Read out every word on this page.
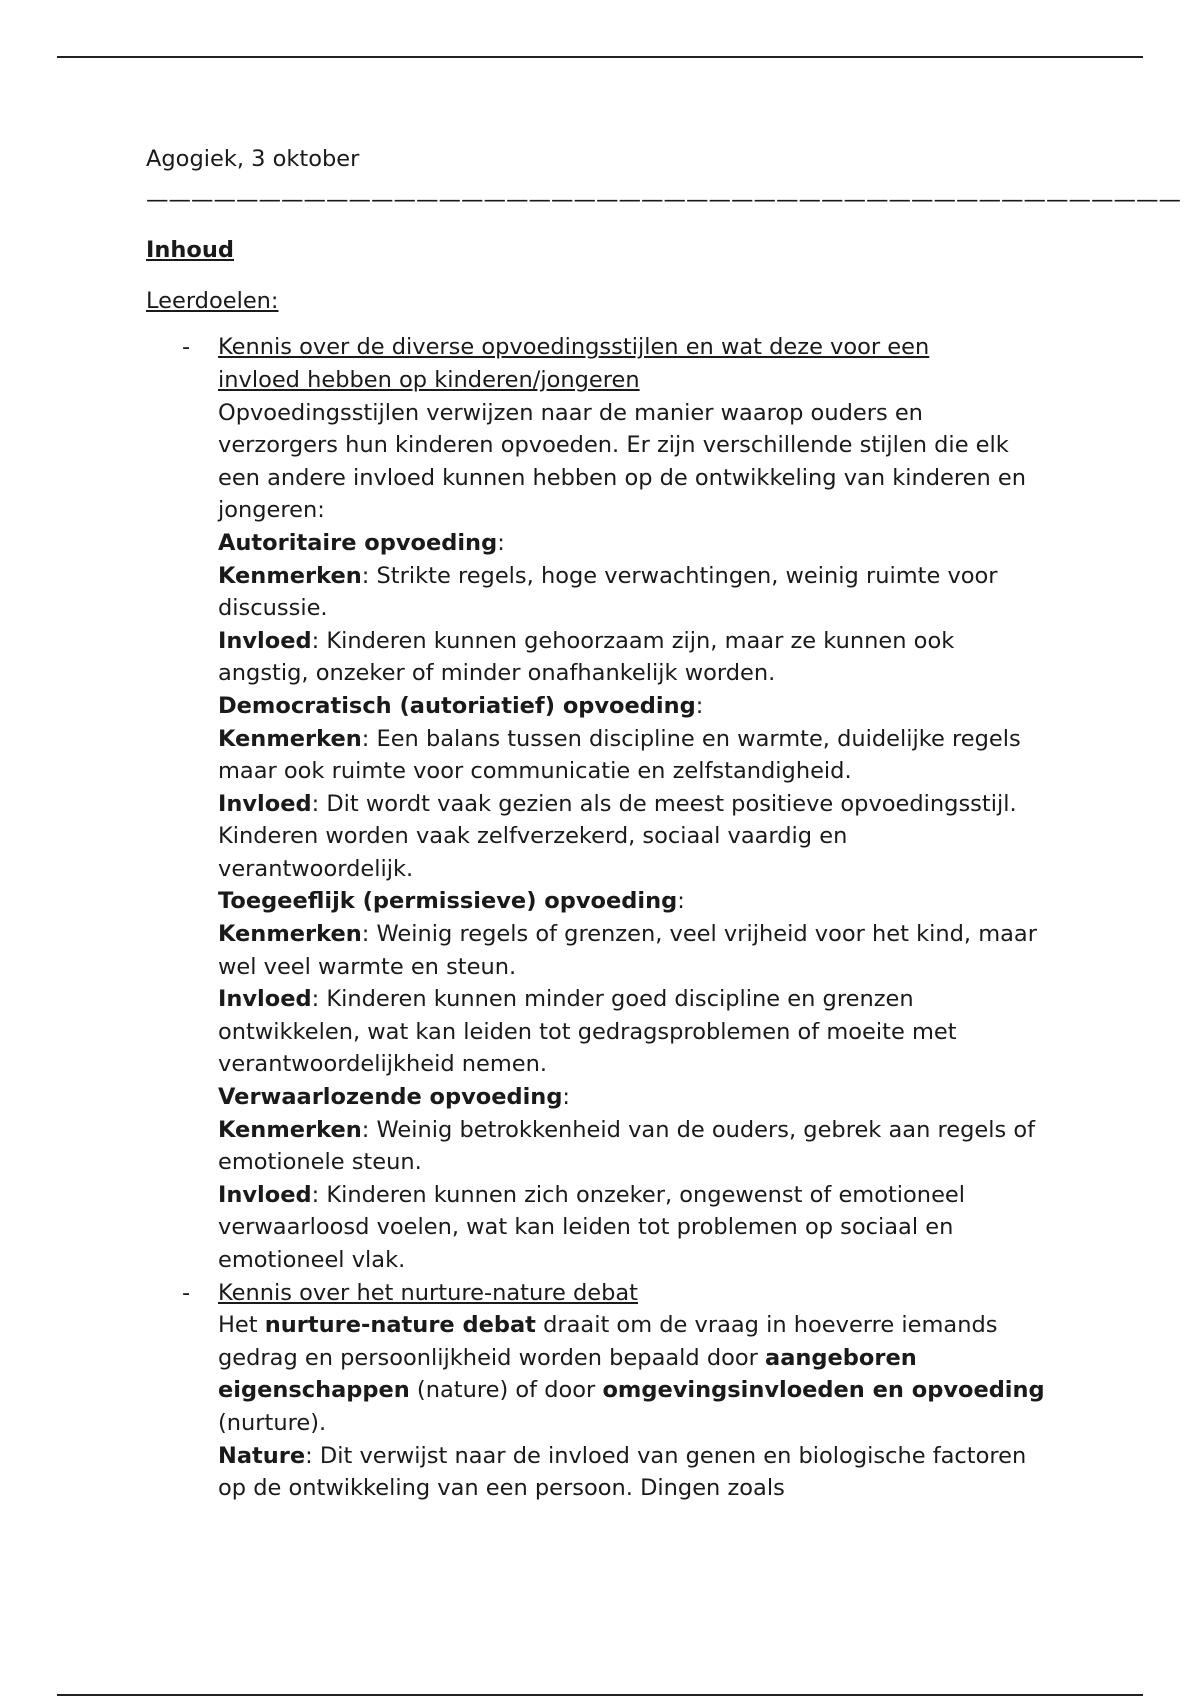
Agogiek, 3 oktober
——————————————————————————————————————————————
Inhoud
Leerdoelen:
- Kennis over de diverse opvoedingsstijlen en wat deze voor een invloed hebben op kinderen/jongeren
Opvoedingsstijlen verwijzen naar de manier waarop ouders en verzorgers hun kinderen opvoeden. Er zijn verschillende stijlen die elk een andere invloed kunnen hebben op de ontwikkeling van kinderen en jongeren:
Autoritaire opvoeding:
Kenmerken: Strikte regels, hoge verwachtingen, weinig ruimte voor discussie.
Invloed: Kinderen kunnen gehoorzaam zijn, maar ze kunnen ook angstig, onzeker of minder onafhankelijk worden.
Democratisch (autoriatief) opvoeding:
Kenmerken: Een balans tussen discipline en warmte, duidelijke regels maar ook ruimte voor communicatie en zelfstandigheid.
Invloed: Dit wordt vaak gezien als de meest positieve opvoedingsstijl. Kinderen worden vaak zelfverzekerd, sociaal vaardig en verantwoordelijk.
Toegeeflijk (permissieve) opvoeding:
Kenmerken: Weinig regels of grenzen, veel vrijheid voor het kind, maar wel veel warmte en steun.
Invloed: Kinderen kunnen minder goed discipline en grenzen ontwikkelen, wat kan leiden tot gedragsproblemen of moeite met verantwoordelijkheid nemen.
Verwaarlozende opvoeding:
Kenmerken: Weinig betrokkenheid van de ouders, gebrek aan regels of emotionele steun.
Invloed: Kinderen kunnen zich onzeker, ongewenst of emotioneel verwaarloosd voelen, wat kan leiden tot problemen op sociaal en emotioneel vlak.
- Kennis over het nurture-nature debat
Het nurture-nature debat draait om de vraag in hoeverre iemands gedrag en persoonlijkheid worden bepaald door aangeboren eigenschappen (nature) of door omgevingsinvloeden en opvoeding (nurture).
Nature: Dit verwijst naar de invloed van genen en biologische factoren op de ontwikkeling van een persoon. Dingen zoals
